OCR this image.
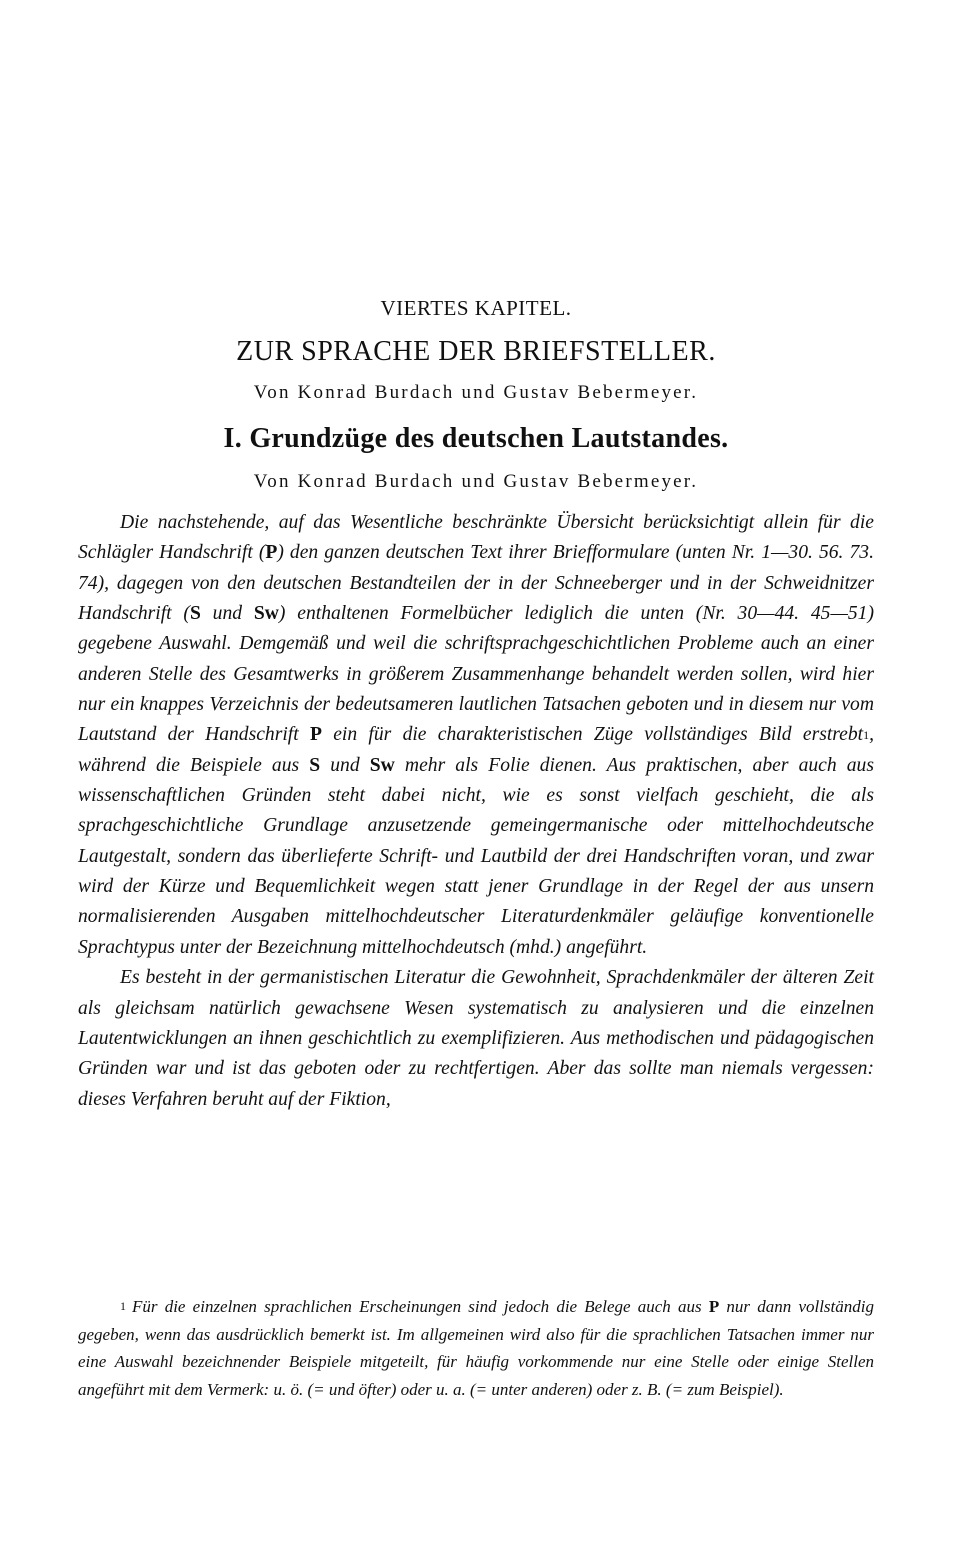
VIERTES KAPITEL.
ZUR SPRACHE DER BRIEFSTELLER.
Von Konrad Burdach und Gustav Bebermeyer.
I. Grundzüge des deutschen Lautstandes.
Von Konrad Burdach und Gustav Bebermeyer.

Die nachstehende, auf das Wesentliche beschränkte Übersicht berücksichtigt allein für die Schlägler Handschrift (P) den ganzen deutschen Text ihrer Briefformulare (unten Nr. 1—30. 56. 73. 74), dagegen von den deutschen Bestandteilen der in der Schneeberger und in der Schweidnitzer Handschrift (S und Sw) enthaltenen Formelbücher lediglich die unten (Nr. 30—44. 45—51) gegebene Auswahl. Demgemäß und weil die schriftsprachgeschichtlichen Probleme auch an einer anderen Stelle des Gesamtwerks in größerem Zusammenhange behandelt werden sollen, wird hier nur ein knappes Verzeichnis der bedeutsameren lautlichen Tatsachen geboten und in diesem nur vom Lautstand der Handschrift P ein für die charakteristischen Züge vollständiges Bild erstrebt$^1$, während die Beispiele aus S und Sw mehr als Folie dienen. Aus praktischen, aber auch aus wissenschaftlichen Gründen steht dabei nicht, wie es sonst vielfach geschieht, die als sprachgeschichtliche Grundlage anzusetzende gemeingermanische oder mittelhochdeutsche Lautgestalt, sondern das überlieferte Schrift- und Lautbild der drei Handschriften voran, und zwar wird der Kürze und Bequemlichkeit wegen statt jener Grundlage in der Regel der aus unsern normalisierenden Ausgaben mittelhochdeutscher Literaturdenkmäler geläufige konventionelle Sprachtypus unter der Bezeichnung mittelhochdeutsch (mhd.) angeführt.

Es besteht in der germanistischen Literatur die Gewohnheit, Sprachdenkmäler der älteren Zeit als gleichsam natürlich gewachsene Wesen systematisch zu analysieren und die einzelnen Lautentwicklungen an ihnen geschichtlich zu exemplifizieren. Aus methodischen und pädagogischen Gründen war und ist das geboten oder zu rechtfertigen. Aber das sollte man niemals vergessen: dieses Verfahren beruht auf der Fiktion,

$^1$ Für die einzelnen sprachlichen Erscheinungen sind jedoch die Belege auch aus P nur dann vollständig gegeben, wenn das ausdrücklich bemerkt ist. Im allgemeinen wird also für die sprachlichen Tatsachen immer nur eine Auswahl bezeichnender Beispiele mitgeteilt, für häufig vorkommende nur eine Stelle oder einige Stellen angeführt mit dem Vermerk: u. ö. (= und öfter) oder u. a. (= unter anderen) oder z. B. (= zum Beispiel).
